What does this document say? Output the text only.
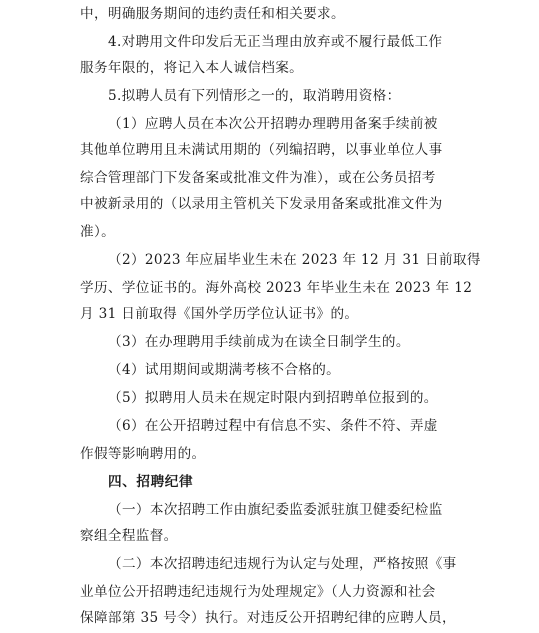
中，明确服务期间的违约责任和相关要求。
4.对聘用文件印发后无正当理由放弃或不履行最低工作
服务年限的，将记入本人诚信档案。
5.拟聘人员有下列情形之一的，取消聘用资格：
（1）应聘人员在本次公开招聘办理聘用备案手续前被
其他单位聘用且未满试用期的（列编招聘，以事业单位人事
综合管理部门下发备案或批准文件为准），或在公务员招考
中被新录用的（以录用主管机关下发录用备案或批准文件为
准）。
（2）2023 年应届毕业生未在 2023 年 12 月 31 日前取得
学历、学位证书的。海外高校 2023 年毕业生未在 2023 年 12
月 31 日前取得《国外学历学位认证书》的。
（3）在办理聘用手续前成为在读全日制学生的。
（4）试用期间或期满考核不合格的。
（5）拟聘用人员未在规定时限内到招聘单位报到的。
（6）在公开招聘过程中有信息不实、条件不符、弄虚
作假等影响聘用的。
四、招聘纪律
（一）本次招聘工作由旗纪委监委派驻旗卫健委纪检监
察组全程监督。
（二）本次招聘违纪违规行为认定与处理，严格按照《事
业单位公开招聘违纪违规行为处理规定》（人力资源和社会
保障部第 35 号令）执行。对违反公开招聘纪律的应聘人员，
